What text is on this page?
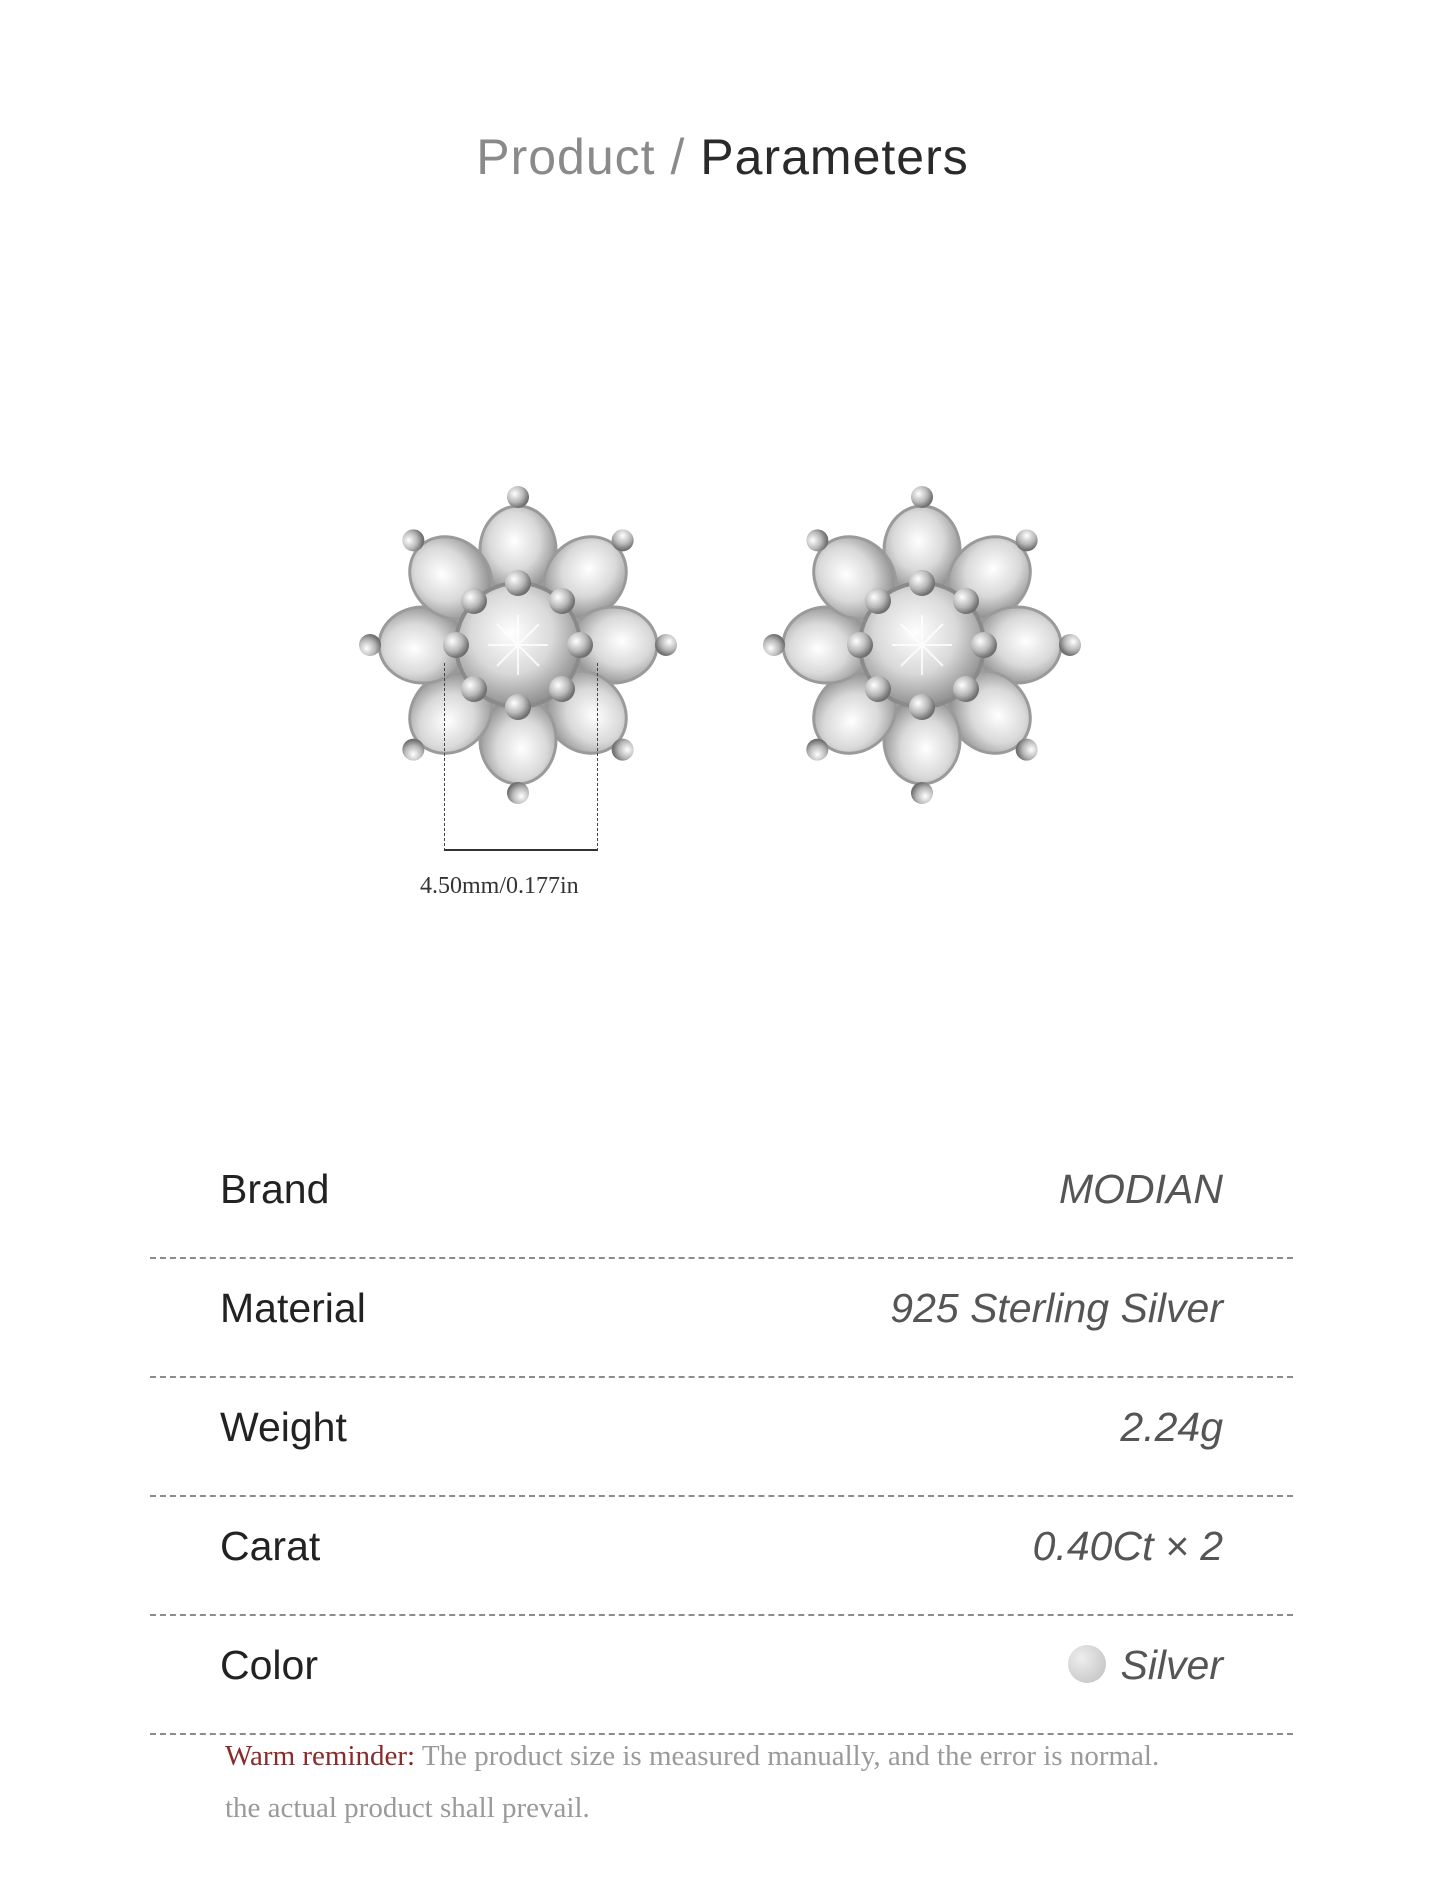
Product / Parameters
4.50mm/0.177in
Brand	MODIAN
Material	925 Sterling Silver
Weight	2.24g
Carat	0.40Ct × 2
Color	Silver
Warm reminder: The product size is measured manually, and the error is normal.
the actual product shall prevail.
